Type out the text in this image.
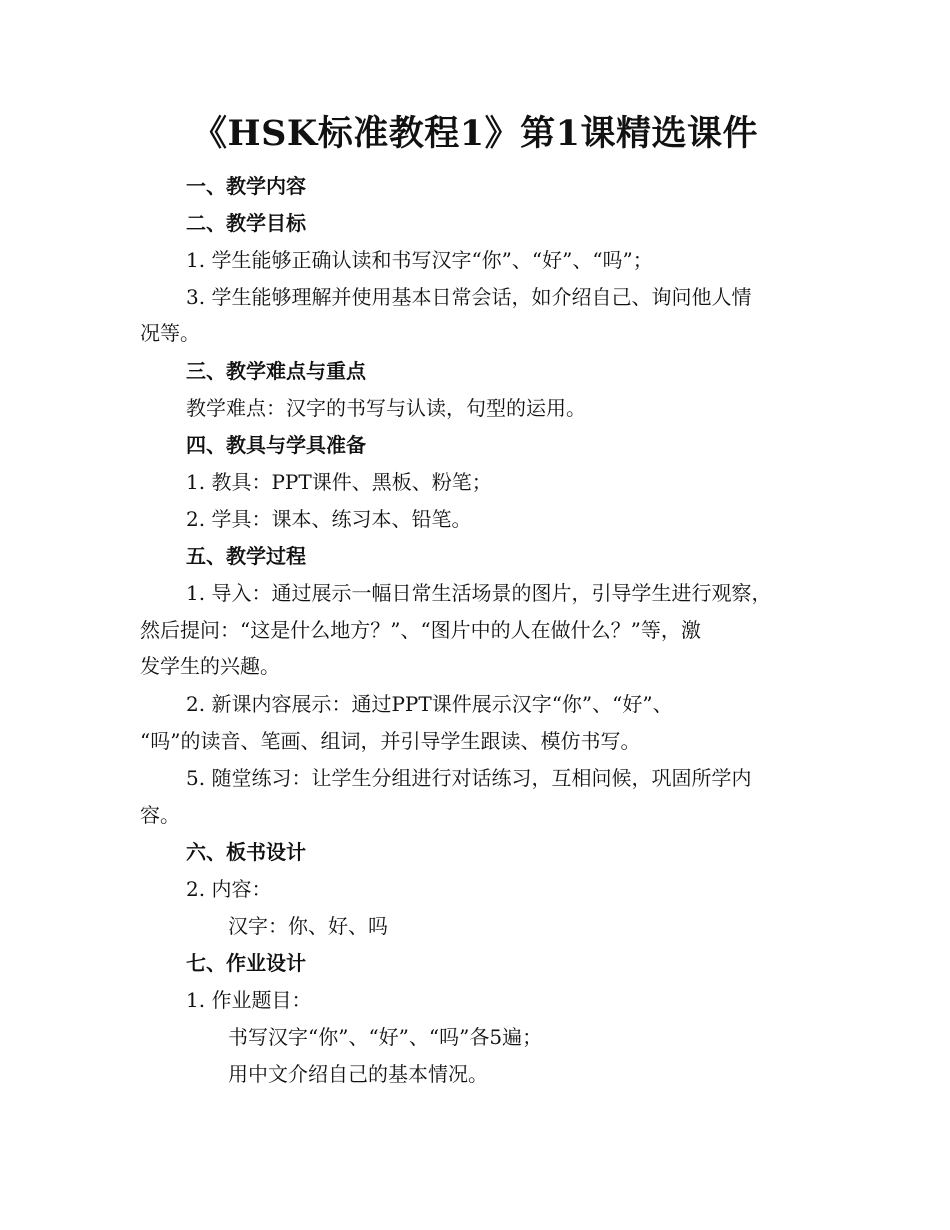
《HSK标准教程1》第1课精选课件
一、教学内容
二、教学目标
1. 学生能够正确认读和书写汉字“你”、“好”、“吗”；
3. 学生能够理解并使用基本日常会话，如介绍自己、询问他人情
况等。
三、教学难点与重点
教学难点：汉字的书写与认读，句型的运用。
四、教具与学具准备
1. 教具：PPT课件、黑板、粉笔；
2. 学具：课本、练习本、铅笔。
五、教学过程
1. 导入：通过展示一幅日常生活场景的图片，引导学生进行观察，
然后提问：“这是什么地方？”、“图片中的人在做什么？”等，激
发学生的兴趣。
2. 新课内容展示：通过PPT课件展示汉字“你”、“好”、
“吗”的读音、笔画、组词，并引导学生跟读、模仿书写。
5. 随堂练习：让学生分组进行对话练习，互相问候，巩固所学内
容。
六、板书设计
2. 内容：
汉字：你、好、吗
七、作业设计
1. 作业题目：
书写汉字“你”、“好”、“吗”各5遍；
用中文介绍自己的基本情况。
